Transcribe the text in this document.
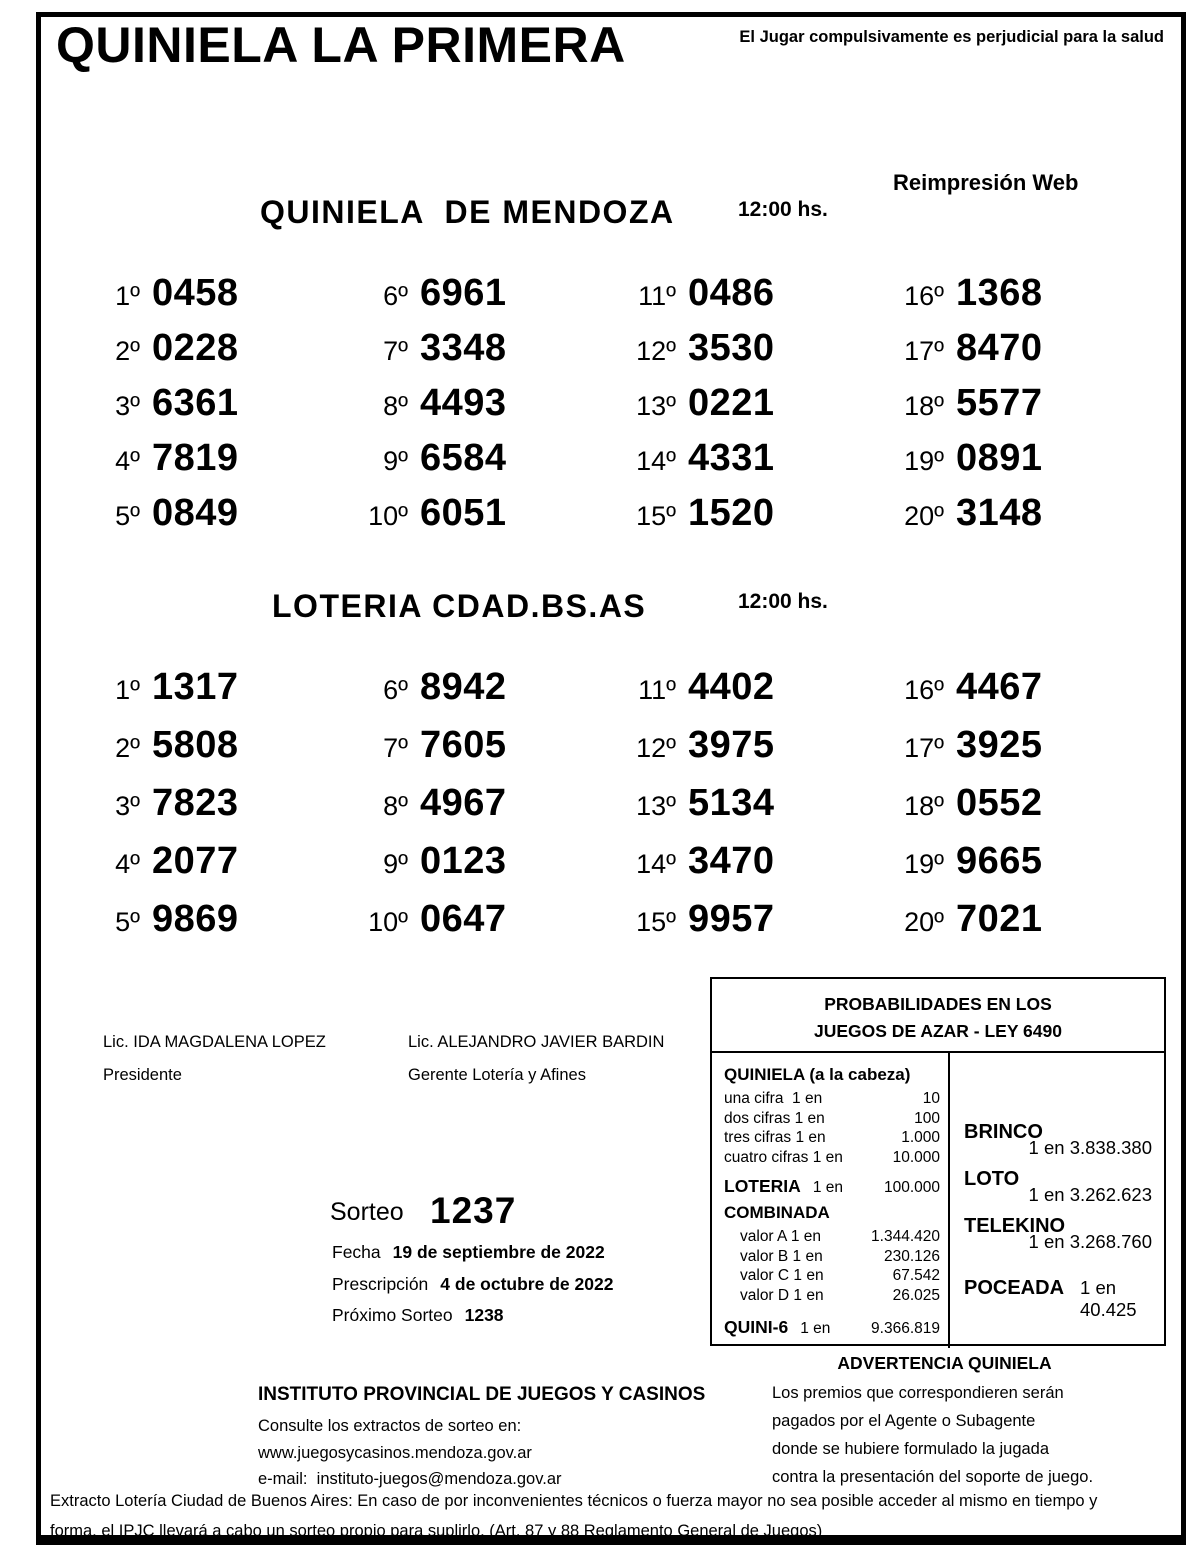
QUINIELA LA PRIMERA	El Jugar compulsivamente es perjudicial para la salud
Reimpresión Web
QUINIELA  DE MENDOZA	12:00 hs.
1º 0458
2º 0228
3º 6361
4º 7819
5º 0849
6º 6961
7º 3348
8º 4493
9º 6584
10º 6051
11º 0486
12º 3530
13º 0221
14º 4331
15º 1520
16º 1368
17º 8470
18º 5577
19º 0891
20º 3148
LOTERIA CDAD.BS.AS	12:00 hs.
1º 1317
2º 5808
3º 7823
4º 2077
5º 9869
6º 8942
7º 7605
8º 4967
9º 0123
10º 0647
11º 4402
12º 3975
13º 5134
14º 3470
15º 9957
16º 4467
17º 3925
18º 0552
19º 9665
20º 7021
Lic. IDA MAGDALENA LOPEZ
Presidente
Lic. ALEJANDRO JAVIER BARDIN
Gerente Lotería y Afines
PROBABILIDADES EN LOS
JUEGOS DE AZAR - LEY 6490
QUINIELA (a la cabeza)
una cifra  1 en	10
dos cifras 1 en	100
tres cifras 1 en	1.000
cuatro cifras 1 en	10.000
LOTERIA 1 en	100.000
COMBINADA
valor A 1 en	1.344.420
valor B 1 en	230.126
valor C 1 en	67.542
valor D 1 en	26.025
QUINI-6 1 en	9.366.819
BRINCO
1 en 3.838.380
LOTO
1 en 3.262.623
TELEKINO
1 en 3.268.760
POCEADA 1 en 40.425
Sorteo 1237
Fecha 19 de septiembre de 2022
Prescripción 4 de octubre de 2022
Próximo Sorteo 1238
INSTITUTO PROVINCIAL DE JUEGOS Y CASINOS
Consulte los extractos de sorteo en:
www.juegosycasinos.mendoza.gov.ar
e-mail:  instituto-juegos@mendoza.gov.ar
ADVERTENCIA QUINIELA
Los premios que correspondieren serán
pagados por el Agente o Subagente
donde se hubiere formulado la jugada
contra la presentación del soporte de juego.
Extracto Lotería Ciudad de Buenos Aires: En caso de por inconvenientes técnicos o fuerza mayor no sea posible acceder al mismo en tiempo y
forma, el IPJC llevará a cabo un sorteo propio para suplirlo. (Art. 87 y 88 Reglamento General de Juegos)
